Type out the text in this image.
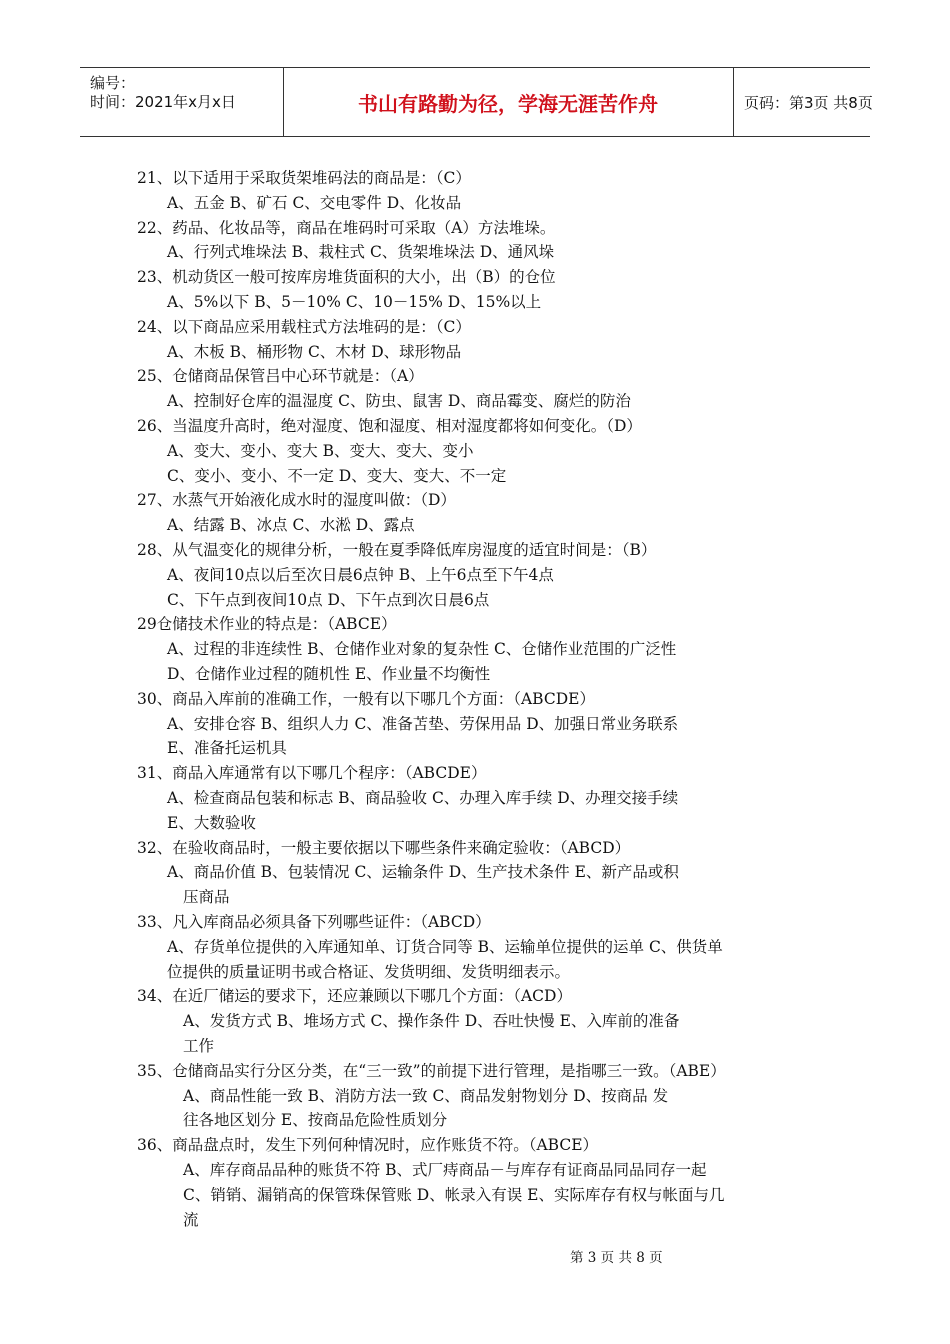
编号：
时间：2021年x月x日	书山有路勤为径，学海无涯苦作舟	页码：第3页 共8页
21、以下适用于采取货架堆码法的商品是：（C）
A、五金 B、矿石 C、交电零件 D、化妆品
22、药品、化妆品等，商品在堆码时可采取（A）方法堆垛。
A、行列式堆垛法 B、栽柱式 C、货架堆垛法 D、通风垛
23、机动货区一般可按库房堆货面积的大小，出（B）的仓位
A、5%以下 B、5－10% C、10－15% D、15%以上
24、以下商品应采用载柱式方法堆码的是：（C）
A、木板 B、桶形物 C、木材 D、球形物品
25、仓储商品保管吕中心环节就是：（A）
A、控制好仓库的温湿度 C、防虫、鼠害 D、商品霉变、腐烂的防治
26、当温度升高时，绝对湿度、饱和湿度、相对湿度都将如何变化。（D）
A、变大、变小、变大 B、变大、变大、变小
C、变小、变小、不一定 D、变大、变大、不一定
27、水蒸气开始液化成水时的湿度叫做：（D）
A、结露 B、冰点 C、水淞 D、露点
28、从气温变化的规律分析，一般在夏季降低库房湿度的适宜时间是：（B）
A、夜间10点以后至次日晨6点钟 B、上午6点至下午4点
C、下午点到夜间10点 D、下午点到次日晨6点
29仓储技术作业的特点是：（ABCE）
A、过程的非连续性 B、仓储作业对象的复杂性 C、仓储作业范围的广泛性
D、仓储作业过程的随机性 E、作业量不均衡性
30、商品入库前的准确工作，一般有以下哪几个方面：（ABCDE）
A、安排仓容 B、组织人力 C、准备苫垫、劳保用品 D、加强日常业务联系
E、准备托运机具
31、商品入库通常有以下哪几个程序：（ABCDE）
A、检查商品包装和标志 B、商品验收 C、办理入库手续 D、办理交接手续
E、大数验收
32、在验收商品时，一般主要依据以下哪些条件来确定验收：（ABCD）
A、商品价值 B、包装情况 C、运输条件 D、生产技术条件 E、新产品或积
压商品
33、凡入库商品必须具备下列哪些证件：（ABCD）
A、存货单位提供的入库通知单、订货合同等 B、运输单位提供的运单 C、供货单
位提供的质量证明书或合格证、发货明细、发货明细表示。
34、在近厂储运的要求下，还应兼顾以下哪几个方面：（ACD）
A、发货方式 B、堆场方式 C、操作条件 D、吞吐快慢 E、入库前的准备
工作
35、仓储商品实行分区分类，在“三一致”的前提下进行管理，是指哪三一致。（ABE）
A、商品性能一致 B、消防方法一致 C、商品发射物划分 D、按商品 发
往各地区划分 E、按商品危险性质划分
36、商品盘点时，发生下列何种情况时，应作账货不符。（ABCE）
A、库存商品品种的账货不符 B、式厂痔商品－与库存有证商品同品同存一起
C、销销、漏销高的保管珠保管账 D、帐录入有误 E、实际库存有权与帐面与几
流
第 3 页 共 8 页
